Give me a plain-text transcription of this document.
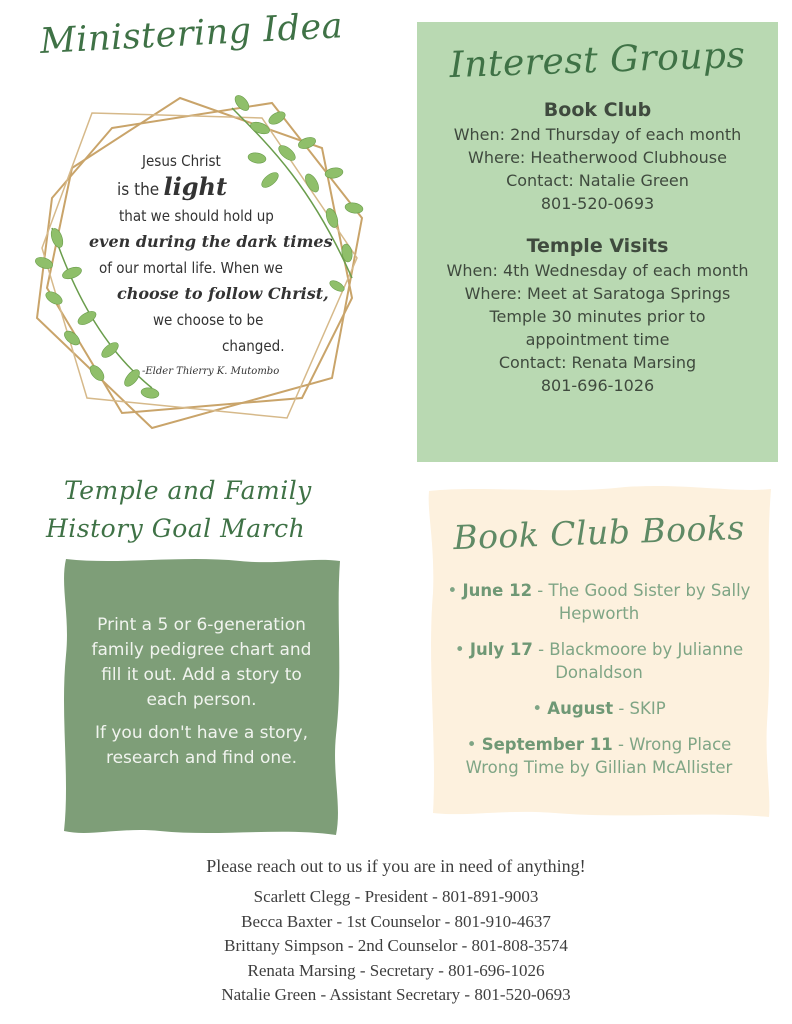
Ministering Idea
Jesus Christ
is the light
that we should hold up
even during the dark times
of our mortal life. When we
choose to follow Christ,
we choose to be
changed.
-Elder Thierry K. Mutombo
Interest Groups

Book Club

When: 2nd Thursday of each month

Where: Heatherwood Clubhouse

Contact: Natalie Green

801-520-0693

Temple Visits

When: 4th Wednesday of each month

Where: Meet at Saratoga Springs

Temple 30 minutes prior to

appointment time

Contact: Renata Marsing

801-696-1026

Temple and Family
History Goal March

Print a 5 or 6-generation family pedigree chart and fill it out. Add a story to each person.

If you don't have a story, research and find one.

Book Club Books
• June 12 - The Good Sister by Sally Hepworth
• July 17 - Blackmoore by Julianne Donaldson
• August - SKIP
• September 11 - Wrong Place Wrong Time by Gillian McAllister

Please reach out to us if you are in need of anything!

Scarlett Clegg - President - 801-891-9003

Becca Baxter - 1st Counselor - 801-910-4637

Brittany Simpson - 2nd Counselor - 801-808-3574

Renata Marsing - Secretary - 801-696-1026

Natalie Green - Assistant Secretary - 801-520-0693
